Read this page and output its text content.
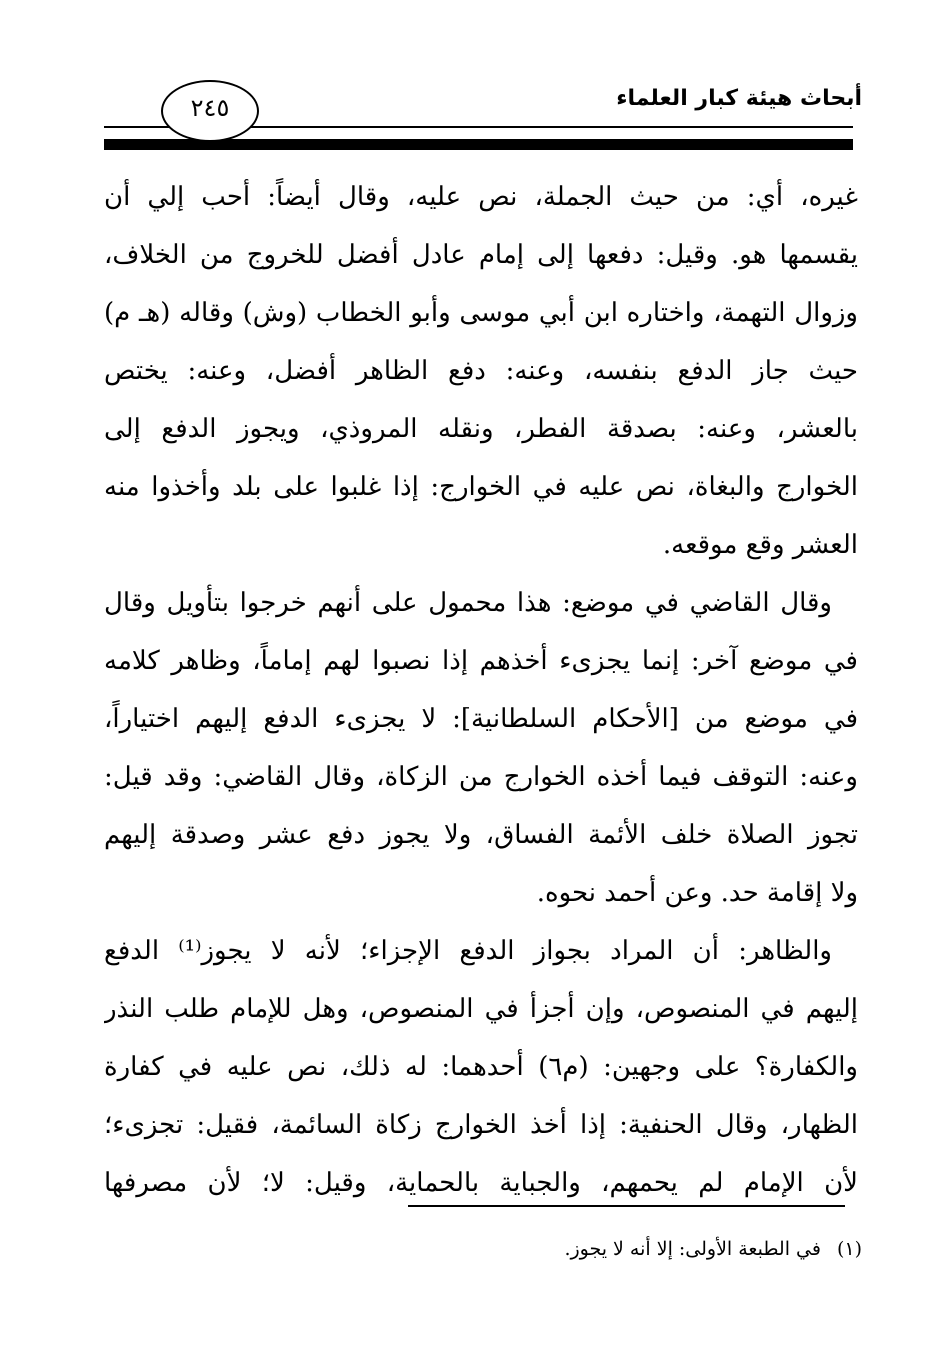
أبحاث هيئة كبار العلماء
٢٤٥
غيره، أي: من حيث الجملة، نص عليه، وقال أيضاً: أحب إلي أن
يقسمها هو. وقيل: دفعها إلى إمام عادل أفضل للخروج من الخلاف،
وزوال التهمة، واختاره ابن أبي موسى وأبو الخطاب (وش) وقاله (هـ م)
حيث جاز الدفع بنفسه، وعنه: دفع الظاهر أفضل، وعنه: يختص
بالعشر، وعنه: بصدقة الفطر، ونقله المروذي، ويجوز الدفع إلى
الخوارج والبغاة، نص عليه في الخوارج: إذا غلبوا على بلد وأخذوا منه
العشر وقع موقعه.
وقال القاضي في موضع: هذا محمول على أنهم خرجوا بتأويل وقال
في موضع آخر: إنما يجزىء أخذهم إذا نصبوا لهم إماماً، وظاهر كلامه
في موضع من [الأحكام السلطانية]: لا يجزىء الدفع إليهم اختياراً،
وعنه: التوقف فيما أخذه الخوارج من الزكاة، وقال القاضي: وقد قيل:
تجوز الصلاة خلف الأئمة الفساق، ولا يجوز دفع عشر وصدقة إليهم
ولا إقامة حد. وعن أحمد نحوه.
والظاهر: أن المراد بجواز الدفع الإجزاء؛ لأنه لا يجوز⁽¹⁾ الدفع
إليهم في المنصوص، وإن أجزأ في المنصوص، وهل للإمام طلب النذر
والكفارة؟ على وجهين: (م٦) أحدهما: له ذلك، نص عليه في كفارة
الظهار، وقال الحنفية: إذا أخذ الخوارج زكاة السائمة، فقيل: تجزىء؛
لأن الإمام لم يحمهم، والجباية بالحماية، وقيل: لا؛ لأن مصرفها
(١)في الطبعة الأولى: إلا أنه لا يجوز.
